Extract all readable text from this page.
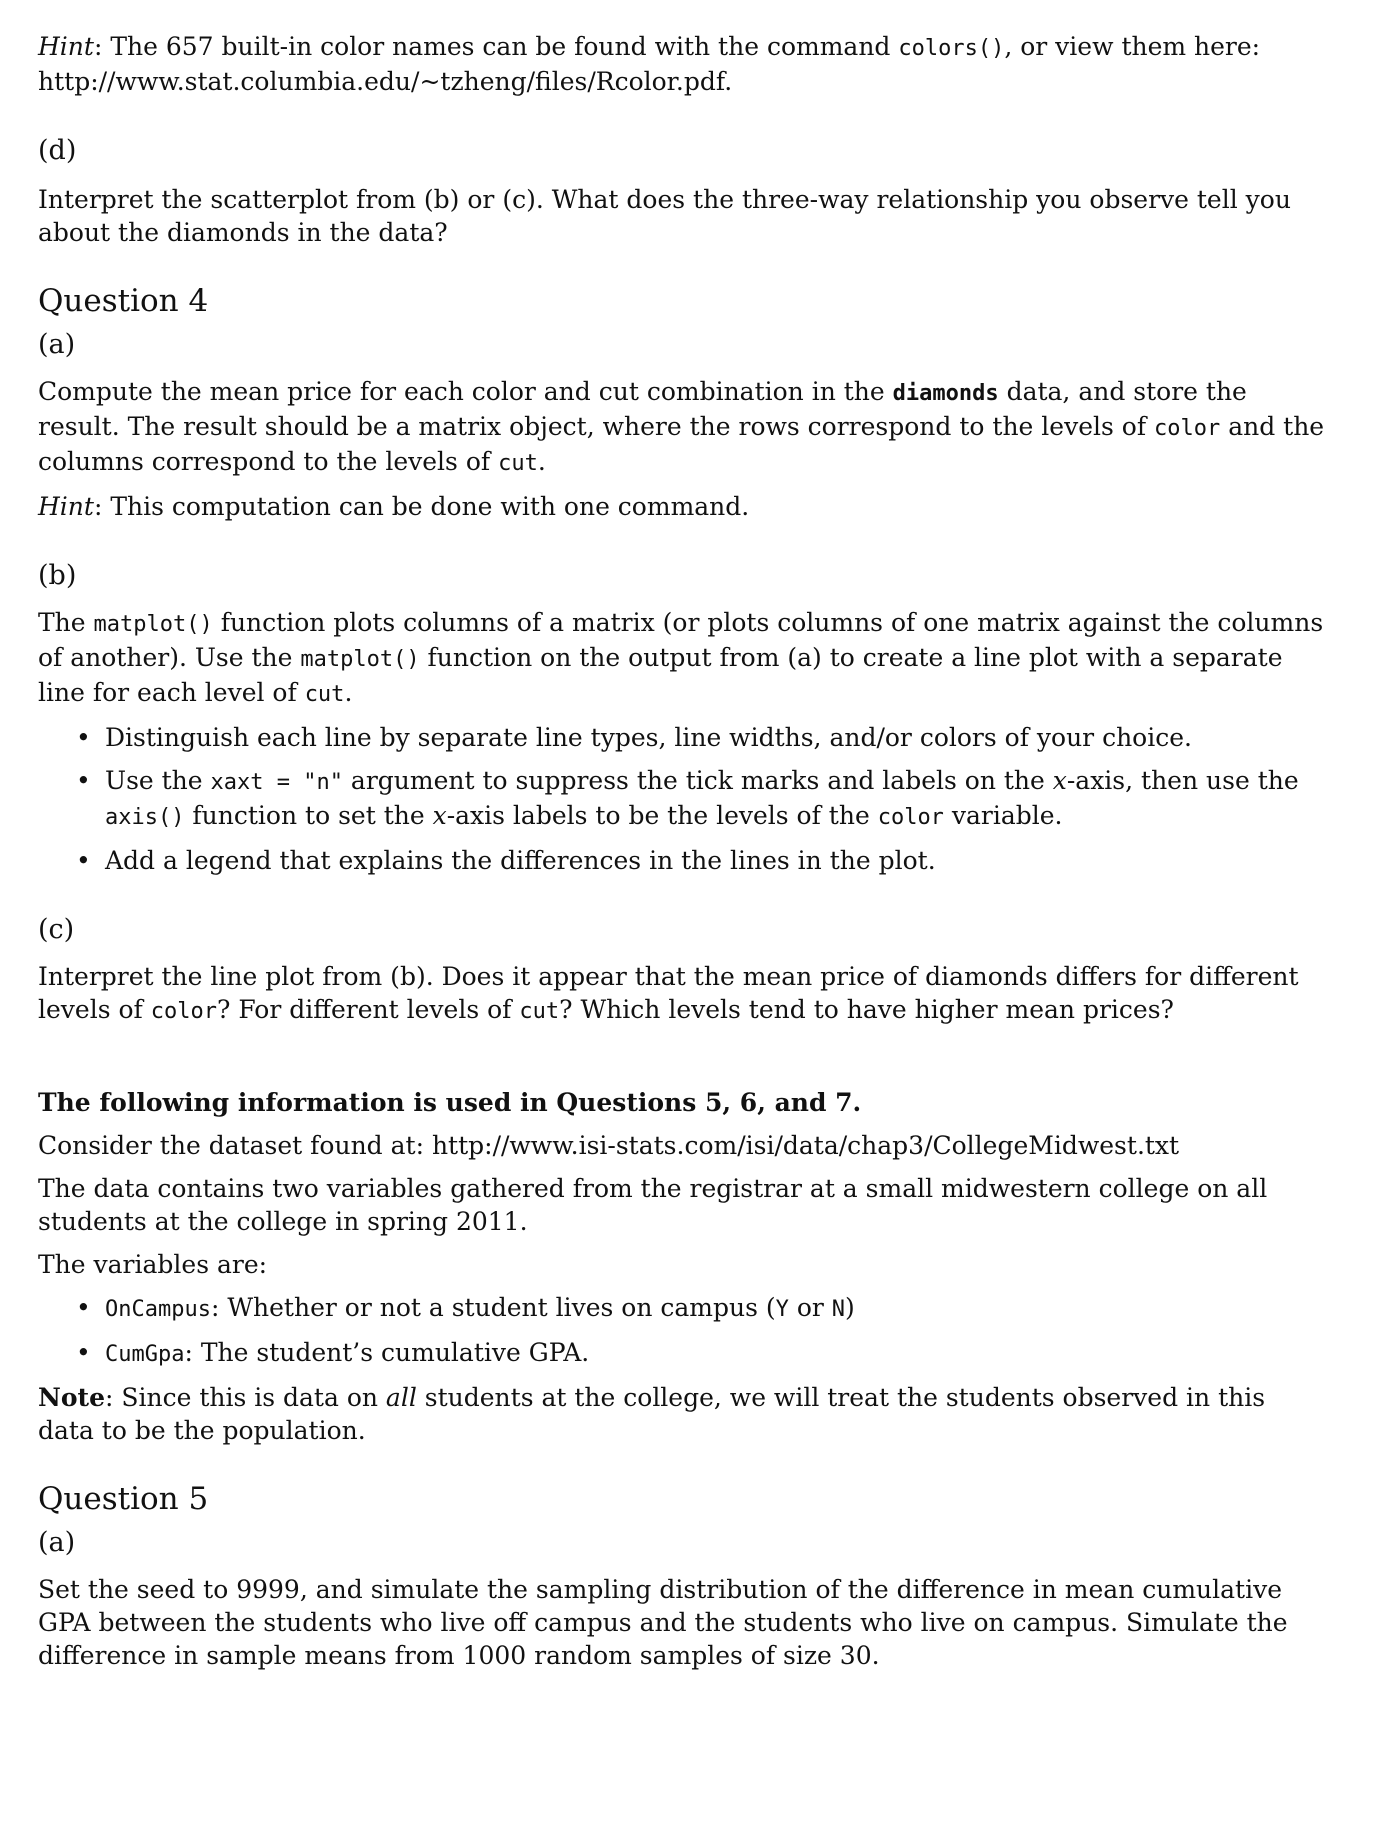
Hint: The 657 built-in color names can be found with the command colors(), or view them here: http://www.stat.columbia.edu/~tzheng/files/Rcolor.pdf.

(d)

Interpret the scatterplot from (b) or (c). What does the three-way relationship you observe tell you about the diamonds in the data?

Question 4

(a)

Compute the mean price for each color and cut combination in the diamonds data, and store the result. The result should be a matrix object, where the rows correspond to the levels of color and the columns correspond to the levels of cut.

Hint: This computation can be done with one command.

(b)

The matplot() function plots columns of a matrix (or plots columns of one matrix against the columns of another). Use the matplot() function on the output from (a) to create a line plot with a separate line for each level of cut.

• Distinguish each line by separate line types, line widths, and/or colors of your choice.
• Use the xaxt = "n" argument to suppress the tick marks and labels on the x-axis, then use the axis() function to set the x-axis labels to be the levels of the color variable.
• Add a legend that explains the differences in the lines in the plot.

(c)

Interpret the line plot from (b). Does it appear that the mean price of diamonds differs for different levels of color? For different levels of cut? Which levels tend to have higher mean prices?

The following information is used in Questions 5, 6, and 7.

Consider the dataset found at: http://www.isi-stats.com/isi/data/chap3/CollegeMidwest.txt

The data contains two variables gathered from the registrar at a small midwestern college on all students at the college in spring 2011.

The variables are:

• OnCampus: Whether or not a student lives on campus (Y or N)
• CumGpa: The student’s cumulative GPA.

Note: Since this is data on all students at the college, we will treat the students observed in this data to be the population.

Question 5

(a)

Set the seed to 9999, and simulate the sampling distribution of the difference in mean cumulative GPA between the students who live off campus and the students who live on campus. Simulate the difference in sample means from 1000 random samples of size 30.
